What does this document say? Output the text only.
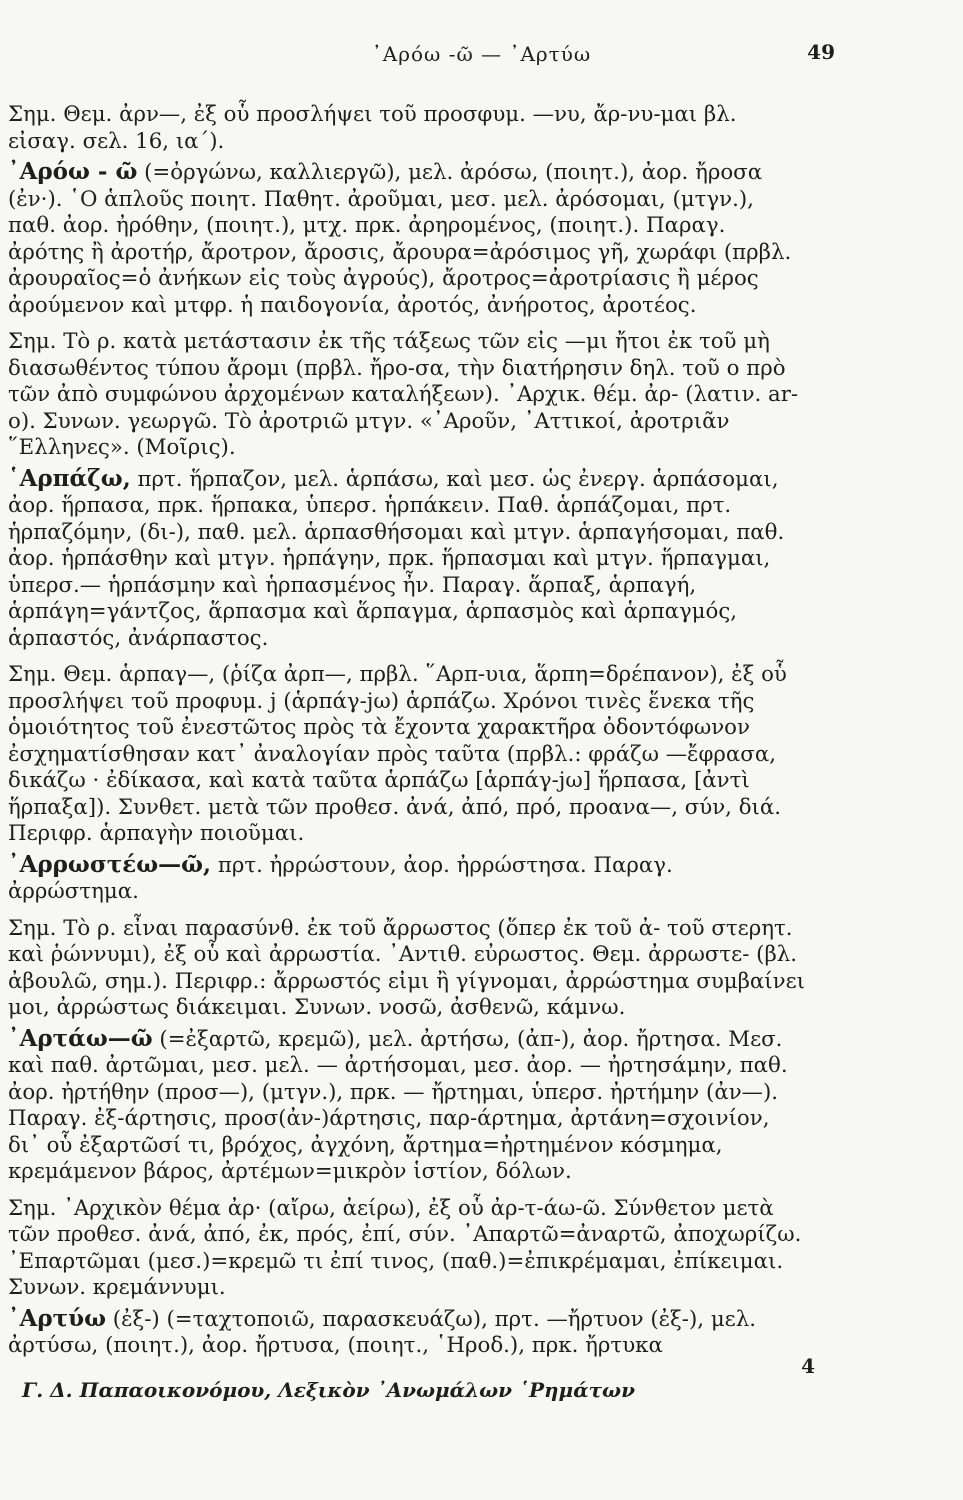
᾽Αρόω -ῶ — ᾽Αρτύω	49

Σημ. Θεμ. ἀρν—, ἐξ οὗ προσλήψει τοῦ προσφυμ. —νυ, ἄρ-νυ-μαι βλ. εἰσαγ. σελ. 16, ια΄).

᾽Αρόω - ῶ (=ὀργώνω, καλλιεργῶ), μελ. ἀρόσω, (ποιητ.), ἀορ. ἤροσα (ἐν·). ῾Ο ἁπλοῦς ποιητ. Παθητ. ἀροῦμαι, μεσ. μελ. ἀρόσομαι, (μτγν.), παθ. ἀορ. ἠρόθην, (ποιητ.), μτχ. πρκ. ἀρηρομένος, (ποιητ.). Παραγ. ἀρότης ἢ ἀροτήρ, ἄροτρον, ἄροσις, ἄρουρα=ἀρόσιμος γῆ, χωράφι (πρβλ. ἀρουραῖος=ὁ ἀνήκων εἰς τοὺς ἀγρούς), ἄροτρος=ἀροτρίασις ἢ μέρος ἀρούμενον καὶ μτφρ. ἡ παιδογονία, ἀροτός, ἀνήροτος, ἀροτέος.

Σημ. Τὸ ρ. κατὰ μετάστασιν ἐκ τῆς τάξεως τῶν εἰς —μι ἤτοι ἐκ τοῦ μὴ διασωθέντος τύπου ἄρομι (πρβλ. ἤρο-σα, τὴν διατήρησιν δηλ. τοῦ ο πρὸ τῶν ἀπὸ συμφώνου ἀρχομένων καταλήξεων). ᾽Αρχικ. θέμ. ἀρ- (λατιν. ar-o). Συνων. γεωργῶ. Τὸ ἀροτριῶ μτγν. «᾽Αροῦν, ᾽Αττικοί, ἀροτριᾶν ῞Ελληνες». (Μοῖρις).

῾Αρπάζω, πρτ. ἥρπαζον, μελ. ἁρπάσω, καὶ μεσ. ὡς ἐνεργ. ἁρπάσομαι, ἀορ. ἥρπασα, πρκ. ἥρπακα, ὑπερσ. ἡρπάκειν. Παθ. ἁρπάζομαι, πρτ. ἡρπαζόμην, (δι-), παθ. μελ. ἁρπασθήσομαι καὶ μτγν. ἁρπαγήσομαι, παθ. ἀορ. ἡρπάσθην καὶ μτγν. ἡρπάγην, πρκ. ἥρπασμαι καὶ μτγν. ἥρπαγμαι, ὑπερσ.— ἡρπάσμην καὶ ἡρπασμένος ἦν. Παραγ. ἅρπαξ, ἁρπαγή, ἁρπάγη=γάντζος, ἅρπασμα καὶ ἅρπαγμα, ἁρπασμὸς καὶ ἁρπαγμός, ἁρπαστός, ἀνάρπαστος.

Σημ. Θεμ. ἁρπαγ—, (ῥίζα ἀρπ—, πρβλ. ῞Αρπ-υια, ἅρπη=δρέπανον), ἐξ οὗ προσλήψει τοῦ προφυμ. j (ἁρπάγ-jω) ἁρπάζω. Χρόνοι τινὲς ἕνεκα τῆς ὁμοιότητος τοῦ ἐνεστῶτος πρὸς τὰ ἔχοντα χαρακτῆρα ὀδοντόφωνον ἐσχηματίσθησαν κατ᾽ ἀναλογίαν πρὸς ταῦτα (πρβλ.: φράζω —ἔφρασα, δικάζω · ἐδίκασα, καὶ κατὰ ταῦτα ἁρπάζω [ἁρπάγ-jω] ἥρπασα, [ἀντὶ ἥρπαξα]). Συνθετ. μετὰ τῶν προθεσ. ἀνά, ἀπό, πρό, προανα—, σύν, διά. Περιφρ. ἁρπαγὴν ποιοῦμαι.

᾽Αρρωστέω—ῶ, πρτ. ἠρρώστουν, ἀορ. ἠρρώστησα. Παραγ. ἀρρώστημα.

Σημ. Τὸ ρ. εἶναι παρασύνθ. ἐκ τοῦ ἄρρωστος (ὅπερ ἐκ τοῦ ἀ- τοῦ στερητ. καὶ ῥώννυμι), ἐξ οὗ καὶ ἀρρωστία. ᾽Αντιθ. εὐρωστος. Θεμ. ἀρρωστε- (βλ. ἀβουλῶ, σημ.). Περιφρ.: ἄρρωστός εἰμι ἢ γίγνομαι, ἀρρώστημα συμβαίνει μοι, ἀρρώστως διάκειμαι. Συνων. νοσῶ, ἀσθενῶ, κάμνω.

᾽Αρτάω—ῶ (=ἐξαρτῶ, κρεμῶ), μελ. ἀρτήσω, (ἀπ-), ἀορ. ἤρτησα. Μεσ. καὶ παθ. ἀρτῶμαι, μεσ. μελ. — ἀρτήσομαι, μεσ. ἀορ. — ἠρτησάμην, παθ. ἀορ. ἠρτήθην (προσ—), (μτγν.), πρκ. — ἤρτημαι, ὑπερσ. ἠρτήμην (ἀν—). Παραγ. ἐξ-άρτησις, προσ(ἀν-)άρτησις, παρ-άρτημα, ἀρτάνη=σχοινίον, δι᾽ οὗ ἐξαρτῶσί τι, βρόχος, ἀγχόνη, ἄρτημα=ἠρτημένον κόσμημα, κρεμάμενον βάρος, ἀρτέμων=μικρὸν ἱστίον, δόλων.

Σημ. ᾽Αρχικὸν θέμα ἀρ· (αἴρω, ἀείρω), ἐξ οὗ ἀρ-τ-άω-ῶ. Σύνθετον μετὰ τῶν προθεσ. ἀνά, ἀπό, ἐκ, πρός, ἐπί, σύν. ᾽Απαρτῶ=ἀναρτῶ, ἀποχωρίζω. ᾽Επαρτῶμαι (μεσ.)=κρεμῶ τι ἐπί τινος, (παθ.)=ἐπικρέμαμαι, ἐπίκειμαι. Συνων. κρεμάννυμι.

᾽Αρτύω (ἐξ-) (=ταχτοποιῶ, παρασκευάζω), πρτ. —ἤρτυον (ἐξ-), μελ. ἀρτύσω, (ποιητ.), ἀορ. ἤρτυσα, (ποιητ., ῾Ηροδ.), πρκ. ἤρτυκα

4
Γ. Δ. Παπαοικονόμου, Λεξικὸν ᾽Ανωμάλων ῾Ρημάτων
